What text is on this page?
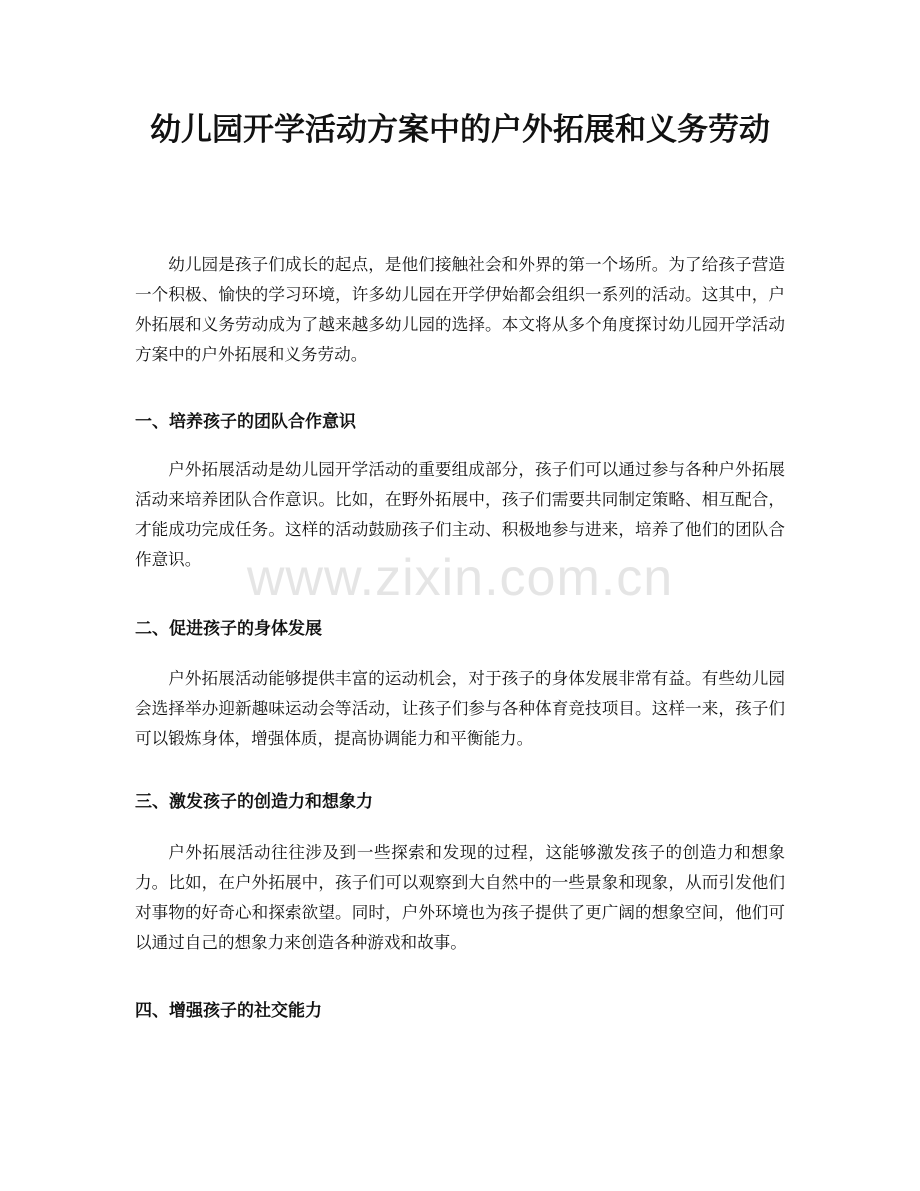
幼儿园开学活动方案中的户外拓展和义务劳动

幼儿园是孩子们成长的起点，是他们接触社会和外界的第一个场所。为了给孩子营造一个积极、愉快的学习环境，许多幼儿园在开学伊始都会组织一系列的活动。这其中，户外拓展和义务劳动成为了越来越多幼儿园的选择。本文将从多个角度探讨幼儿园开学活动方案中的户外拓展和义务劳动。

一、培养孩子的团队合作意识

户外拓展活动是幼儿园开学活动的重要组成部分，孩子们可以通过参与各种户外拓展活动来培养团队合作意识。比如，在野外拓展中，孩子们需要共同制定策略、相互配合，才能成功完成任务。这样的活动鼓励孩子们主动、积极地参与进来，培养了他们的团队合作意识。

二、促进孩子的身体发展

户外拓展活动能够提供丰富的运动机会，对于孩子的身体发展非常有益。有些幼儿园会选择举办迎新趣味运动会等活动，让孩子们参与各种体育竞技项目。这样一来，孩子们可以锻炼身体，增强体质，提高协调能力和平衡能力。

三、激发孩子的创造力和想象力

户外拓展活动往往涉及到一些探索和发现的过程，这能够激发孩子的创造力和想象力。比如，在户外拓展中，孩子们可以观察到大自然中的一些景象和现象，从而引发他们对事物的好奇心和探索欲望。同时，户外环境也为孩子提供了更广阔的想象空间，他们可以通过自己的想象力来创造各种游戏和故事。

四、增强孩子的社交能力
www.zixin.com.cn
